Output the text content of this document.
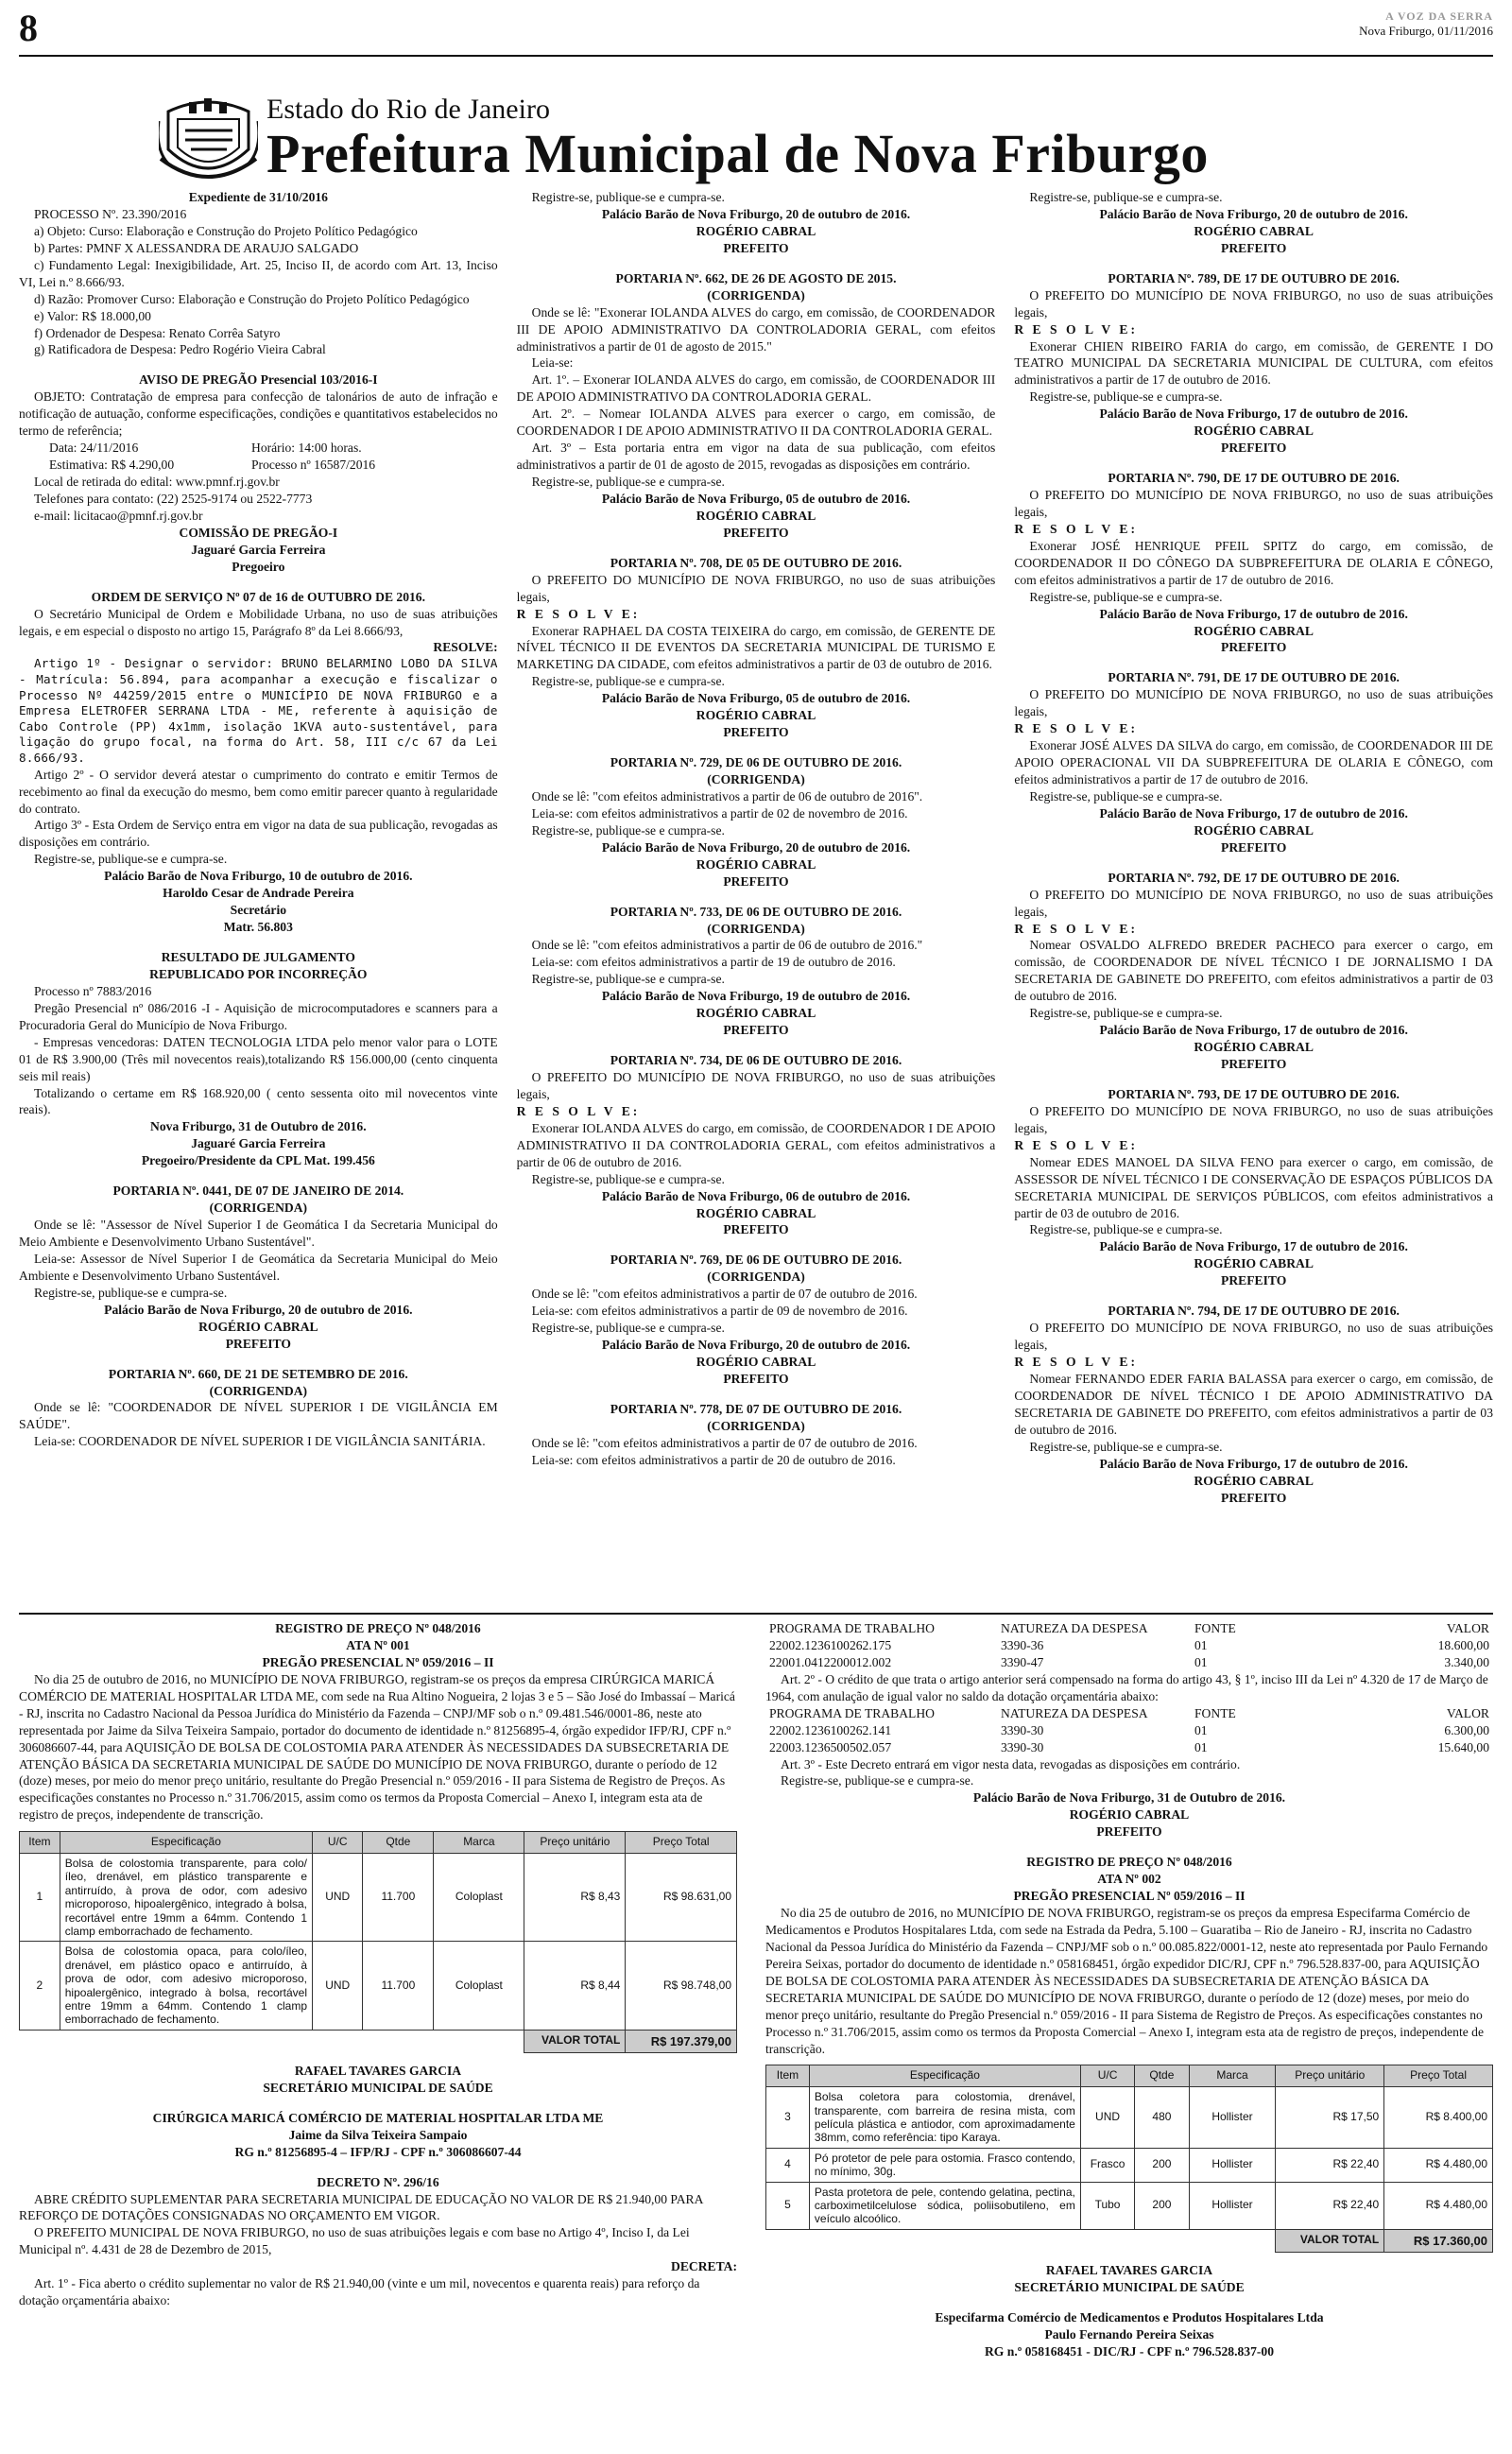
8	A VOZ DA SERRA
Nova Friburgo, 01/11/2016
Estado do Rio de Janeiro
Prefeitura Municipal de Nova Friburgo

Expediente de 31/10/2016

PROCESSO Nº. 23.390/2016

a) Objeto: Curso: Elaboração e Construção do Projeto Político Pedagógico

b) Partes: PMNF X ALESSANDRA DE ARAUJO SALGADO

c) Fundamento Legal: Inexigibilidade, Art. 25, Inciso II, de acordo com Art. 13, Inciso VI, Lei n.º 8.666/93.

d) Razão: Promover Curso: Elaboração e Construção do Projeto Político Pedagógico

e) Valor: R$ 18.000,00

f) Ordenador de Despesa: Renato Corrêa Satyro

g) Ratificadora de Despesa: Pedro Rogério Vieira Cabral

AVISO DE PREGÃO Presencial 103/2016-I

OBJETO: Contratação de empresa para confecção de talonários de auto de infração e notificação de autuação, conforme especificações, condições e quantitativos estabelecidos no termo de referência;

Data: 24/11/2016	Horário: 14:00 horas.

Estimativa: R$ 4.290,00	Processo nº 16587/2016

Local de retirada do edital: www.pmnf.rj.gov.br

Telefones para contato: (22) 2525-9174 ou 2522-7773

e-mail: licitacao@pmnf.rj.gov.br

COMISSÃO DE PREGÃO-I

Jaguaré Garcia Ferreira

Pregoeiro

ORDEM DE SERVIÇO Nº 07 de 16 de OUTUBRO DE 2016.

O Secretário Municipal de Ordem e Mobilidade Urbana, no uso de suas atribuições legais, e em especial o disposto no artigo 15, Parágrafo 8º da Lei 8.666/93,

RESOLVE:

Artigo 1º - Designar o servidor: BRUNO BELARMINO LOBO DA SILVA - Matrícula: 56.894, para acompanhar a execução e fiscalizar o Processo Nº 44259/2015 entre o MUNICÍPIO DE NOVA FRIBURGO e a Empresa ELETROFER SERRANA LTDA - ME, referente à aquisição de Cabo Controle (PP) 4x1mm, isolação 1KVA auto-sustentável, para ligação do grupo focal, na forma do Art. 58, III c/c 67 da Lei 8.666/93.

Artigo 2º - O servidor deverá atestar o cumprimento do contrato e emitir Termos de recebimento ao final da execução do mesmo, bem como emitir parecer quanto à regularidade do contrato.

Artigo 3º - Esta Ordem de Serviço entra em vigor na data de sua publicação, revogadas as disposições em contrário.

Registre-se, publique-se e cumpra-se.

Palácio Barão de Nova Friburgo, 10 de outubro de 2016.

Haroldo Cesar de Andrade Pereira

Secretário

Matr. 56.803

RESULTADO DE JULGAMENTO

REPUBLICADO POR INCORREÇÃO

Processo nº 7883/2016

Pregão Presencial nº 086/2016 -I - Aquisição de microcomputadores e scanners para a Procuradoria Geral do Município de Nova Friburgo.

- Empresas vencedoras: DATEN TECNOLOGIA LTDA pelo menor valor para o LOTE 01 de R$ 3.900,00 (Três mil novecentos reais),totalizando R$ 156.000,00 (cento cinquenta seis mil reais)

Totalizando o certame em R$ 168.920,00 ( cento sessenta oito mil novecentos vinte reais).

Nova Friburgo, 31 de Outubro de 2016.

Jaguaré Garcia Ferreira

Pregoeiro/Presidente da CPL Mat. 199.456

PORTARIA Nº. 0441, DE 07 DE JANEIRO DE 2014.

(CORRIGENDA)

Onde se lê: "Assessor de Nível Superior I de Geomática I da Secretaria Municipal do Meio Ambiente e Desenvolvimento Urbano Sustentável".

Leia-se: Assessor de Nível Superior I de Geomática da Secretaria Municipal do Meio Ambiente e Desenvolvimento Urbano Sustentável.

Registre-se, publique-se e cumpra-se.

Palácio Barão de Nova Friburgo, 20 de outubro de 2016.

ROGÉRIO CABRAL

PREFEITO

PORTARIA Nº. 660, DE 21 DE SETEMBRO DE 2016.

(CORRIGENDA)

Onde se lê: "COORDENADOR DE NÍVEL SUPERIOR I DE VIGILÂNCIA EM SAÚDE".

Leia-se: COORDENADOR DE NÍVEL SUPERIOR I DE VIGILÂNCIA SANITÁRIA.

Registre-se, publique-se e cumpra-se.

Palácio Barão de Nova Friburgo, 20 de outubro de 2016.

ROGÉRIO CABRAL

PREFEITO

PORTARIA Nº. 662, DE 26 DE AGOSTO DE 2015.

(CORRIGENDA)

Onde se lê: "Exonerar IOLANDA ALVES do cargo, em comissão, de COORDENADOR III DE APOIO ADMINISTRATIVO DA CONTROLADORIA GERAL, com efeitos administrativos a partir de 01 de agosto de 2015."

Leia-se:

Art. 1º. – Exonerar IOLANDA ALVES do cargo, em comissão, de COORDENADOR III DE APOIO ADMINISTRATIVO DA CONTROLADORIA GERAL.

Art. 2º. – Nomear IOLANDA ALVES para exercer o cargo, em comissão, de COORDENADOR I DE APOIO ADMINISTRATIVO II DA CONTROLADORIA GERAL.

Art. 3º – Esta portaria entra em vigor na data de sua publicação, com efeitos administrativos a partir de 01 de agosto de 2015, revogadas as disposições em contrário.

Registre-se, publique-se e cumpra-se.

Palácio Barão de Nova Friburgo, 05 de outubro de 2016.

ROGÉRIO CABRAL

PREFEITO

PORTARIA Nº. 708, DE 05 DE OUTUBRO DE 2016.

O PREFEITO DO MUNICÍPIO DE NOVA FRIBURGO, no uso de suas atribuições legais,

R E S O L V E:

Exonerar RAPHAEL DA COSTA TEIXEIRA do cargo, em comissão, de GERENTE DE NÍVEL TÉCNICO II DE EVENTOS DA SECRETARIA MUNICIPAL DE TURISMO E MARKETING DA CIDADE, com efeitos administrativos a partir de 03 de outubro de 2016.

Registre-se, publique-se e cumpra-se.

Palácio Barão de Nova Friburgo, 05 de outubro de 2016.

ROGÉRIO CABRAL

PREFEITO

PORTARIA Nº. 729, DE 06 DE OUTUBRO DE 2016.

(CORRIGENDA)

Onde se lê: "com efeitos administrativos a partir de 06 de outubro de 2016".

Leia-se: com efeitos administrativos a partir de 02 de novembro de 2016.

Registre-se, publique-se e cumpra-se.

Palácio Barão de Nova Friburgo, 20 de outubro de 2016.

ROGÉRIO CABRAL

PREFEITO

PORTARIA Nº. 733, DE 06 DE OUTUBRO DE 2016.

(CORRIGENDA)

Onde se lê: "com efeitos administrativos a partir de 06 de outubro de 2016."

Leia-se: com efeitos administrativos a partir de 19 de outubro de 2016.

Registre-se, publique-se e cumpra-se.

Palácio Barão de Nova Friburgo, 19 de outubro de 2016.

ROGÉRIO CABRAL

PREFEITO

PORTARIA Nº. 734, DE 06 DE OUTUBRO DE 2016.

O PREFEITO DO MUNICÍPIO DE NOVA FRIBURGO, no uso de suas atribuições legais,

R E S O L V E:

Exonerar IOLANDA ALVES do cargo, em comissão, de COORDENADOR I DE APOIO ADMINISTRATIVO II DA CONTROLADORIA GERAL, com efeitos administrativos a partir de 06 de outubro de 2016.

Registre-se, publique-se e cumpra-se.

Palácio Barão de Nova Friburgo, 06 de outubro de 2016.

ROGÉRIO CABRAL

PREFEITO

PORTARIA Nº. 769, DE 06 DE OUTUBRO DE 2016.

(CORRIGENDA)

Onde se lê: "com efeitos administrativos a partir de 07 de outubro de 2016.

Leia-se: com efeitos administrativos a partir de 09 de novembro de 2016.

Registre-se, publique-se e cumpra-se.

Palácio Barão de Nova Friburgo, 20 de outubro de 2016.

ROGÉRIO CABRAL

PREFEITO

PORTARIA Nº. 778, DE 07 DE OUTUBRO DE 2016.

(CORRIGENDA)

Onde se lê: "com efeitos administrativos a partir de 07 de outubro de 2016.

Leia-se: com efeitos administrativos a partir de 20 de outubro de 2016.

Registre-se, publique-se e cumpra-se.

Palácio Barão de Nova Friburgo, 20 de outubro de 2016.

ROGÉRIO CABRAL

PREFEITO

PORTARIA Nº. 789, DE 17 DE OUTUBRO DE 2016.

O PREFEITO DO MUNICÍPIO DE NOVA FRIBURGO, no uso de suas atribuições legais,

R E S O L V E:

Exonerar CHIEN RIBEIRO FARIA do cargo, em comissão, de GERENTE I DO TEATRO MUNICIPAL DA SECRETARIA MUNICIPAL DE CULTURA, com efeitos administrativos a partir de 17 de outubro de 2016.

Registre-se, publique-se e cumpra-se.

Palácio Barão de Nova Friburgo, 17 de outubro de 2016.

ROGÉRIO CABRAL

PREFEITO

PORTARIA Nº. 790, DE 17 DE OUTUBRO DE 2016.

O PREFEITO DO MUNICÍPIO DE NOVA FRIBURGO, no uso de suas atribuições legais,

R E S O L V E:

Exonerar JOSÉ HENRIQUE PFEIL SPITZ do cargo, em comissão, de COORDENADOR II DO CÔNEGO DA SUBPREFEITURA DE OLARIA E CÔNEGO, com efeitos administrativos a partir de 17 de outubro de 2016.

Registre-se, publique-se e cumpra-se.

Palácio Barão de Nova Friburgo, 17 de outubro de 2016.

ROGÉRIO CABRAL

PREFEITO

PORTARIA Nº. 791, DE 17 DE OUTUBRO DE 2016.

O PREFEITO DO MUNICÍPIO DE NOVA FRIBURGO, no uso de suas atribuições legais,

R E S O L V E:

Exonerar JOSÉ ALVES DA SILVA do cargo, em comissão, de COORDENADOR III DE APOIO OPERACIONAL VII DA SUBPREFEITURA DE OLARIA E CÔNEGO, com efeitos administrativos a partir de 17 de outubro de 2016.

Registre-se, publique-se e cumpra-se.

Palácio Barão de Nova Friburgo, 17 de outubro de 2016.

ROGÉRIO CABRAL

PREFEITO

PORTARIA Nº. 792, DE 17 DE OUTUBRO DE 2016.

O PREFEITO DO MUNICÍPIO DE NOVA FRIBURGO, no uso de suas atribuições legais,

R E S O L V E:

Nomear OSVALDO ALFREDO BREDER PACHECO para exercer o cargo, em comissão, de COORDENADOR DE NÍVEL TÉCNICO I DE JORNALISMO I DA SECRETARIA DE GABINETE DO PREFEITO, com efeitos administrativos a partir de 03 de outubro de 2016.

Registre-se, publique-se e cumpra-se.

Palácio Barão de Nova Friburgo, 17 de outubro de 2016.

ROGÉRIO CABRAL

PREFEITO

PORTARIA Nº. 793, DE 17 DE OUTUBRO DE 2016.

O PREFEITO DO MUNICÍPIO DE NOVA FRIBURGO, no uso de suas atribuições legais,

R E S O L V E:

Nomear EDES MANOEL DA SILVA FENO para exercer o cargo, em comissão, de ASSESSOR DE NÍVEL TÉCNICO I DE CONSERVAÇÃO DE ESPAÇOS PÚBLICOS DA SECRETARIA MUNICIPAL DE SERVIÇOS PÚBLICOS, com efeitos administrativos a partir de 03 de outubro de 2016.

Registre-se, publique-se e cumpra-se.

Palácio Barão de Nova Friburgo, 17 de outubro de 2016.

ROGÉRIO CABRAL

PREFEITO

PORTARIA Nº. 794, DE 17 DE OUTUBRO DE 2016.

O PREFEITO DO MUNICÍPIO DE NOVA FRIBURGO, no uso de suas atribuições legais,

R E S O L V E:

Nomear FERNANDO EDER FARIA BALASSA para exercer o cargo, em comissão, de COORDENADOR DE NÍVEL TÉCNICO I DE APOIO ADMINISTRATIVO DA SECRETARIA DE GABINETE DO PREFEITO, com efeitos administrativos a partir de 03 de outubro de 2016.

Registre-se, publique-se e cumpra-se.

Palácio Barão de Nova Friburgo, 17 de outubro de 2016.

ROGÉRIO CABRAL

PREFEITO

REGISTRO DE PREÇO Nº 048/2016

ATA Nº 001

PREGÃO PRESENCIAL Nº 059/2016 – II

No dia 25 de outubro de 2016, no MUNICÍPIO DE NOVA FRIBURGO, registram-se os preços da empresa CIRÚRGICA MARICÁ COMÉRCIO DE MATERIAL HOSPITALAR LTDA ME, com sede na Rua Altino Nogueira, 2 lojas 3 e 5 – São José do Imbassaí – Maricá - RJ, inscrita no Cadastro Nacional da Pessoa Jurídica do Ministério da Fazenda – CNPJ/MF sob o n.º 09.481.546/0001-86, neste ato representada por Jaime da Silva Teixeira Sampaio, portador do documento de identidade n.º 81256895-4, órgão expedidor IFP/RJ, CPF n.º 306086607-44, para AQUISIÇÃO DE BOLSA DE COLOSTOMIA PARA ATENDER ÀS NECESSIDADES DA SUBSECRETARIA DE ATENÇÃO BÁSICA DA SECRETARIA MUNICIPAL DE SAÚDE DO MUNICÍPIO DE NOVA FRIBURGO, durante o período de 12 (doze) meses, por meio do menor preço unitário, resultante do Pregão Presencial n.º 059/2016 - II para Sistema de Registro de Preços. As especificações constantes no Processo n.º 31.706/2015, assim como os termos da Proposta Comercial – Anexo I, integram esta ata de registro de preços, independente de transcrição.

Item	Especificação	U/C	Qtde	Marca	Preço unitário	Preço Total
1	Bolsa de colostomia transparente, para colo/íleo, drenável, em plástico transparente e antirruído, à prova de odor, com adesivo microporoso, hipoalergênico, integrado à bolsa, recortável entre 19mm a 64mm. Contendo 1 clamp emborrachado de fechamento.	UND	11.700	Coloplast	R$ 8,43	R$ 98.631,00
2	Bolsa de colostomia opaca, para colo/íleo, drenável, em plástico opaco e antirruído, à prova de odor, com adesivo microporoso, hipoalergênico, integrado à bolsa, recortável entre 19mm a 64mm. Contendo 1 clamp emborrachado de fechamento.	UND	11.700	Coloplast	R$ 8,44	R$ 98.748,00
					VALOR TOTAL	R$ 197.379,00

RAFAEL TAVARES GARCIA

SECRETÁRIO MUNICIPAL DE SAÚDE

CIRÚRGICA MARICÁ COMÉRCIO DE MATERIAL HOSPITALAR LTDA ME

Jaime da Silva Teixeira Sampaio

RG n.º 81256895-4 – IFP/RJ - CPF n.º 306086607-44

DECRETO Nº. 296/16

ABRE CRÉDITO SUPLEMENTAR PARA SECRETARIA MUNICIPAL DE EDUCAÇÃO NO VALOR DE R$ 21.940,00 PARA REFORÇO DE DOTAÇÕES CONSIGNADAS NO ORÇAMENTO EM VIGOR.

O PREFEITO MUNICIPAL DE NOVA FRIBURGO, no uso de suas atribuições legais e com base no Artigo 4º, Inciso I, da Lei Municipal nº. 4.431 de 28 de Dezembro de 2015,

DECRETA:

Art. 1º - Fica aberto o crédito suplementar no valor de R$ 21.940,00 (vinte e um mil, novecentos e quarenta reais) para reforço da dotação orçamentária abaixo:

PROGRAMA DE TRABALHO	NATUREZA DA DESPESA	FONTE	VALOR
22002.1236100262.175	3390-36	01	18.600,00
22001.0412200012.002	3390-47	01	3.340,00

Art. 2º - O crédito de que trata o artigo anterior será compensado na forma do artigo 43, § 1º, inciso III da Lei nº 4.320 de 17 de Março de 1964, com anulação de igual valor no saldo da dotação orçamentária abaixo:

PROGRAMA DE TRABALHO	NATUREZA DA DESPESA	FONTE	VALOR
22002.1236100262.141	3390-30	01	6.300,00
22003.1236500502.057	3390-30	01	15.640,00

Art. 3º - Este Decreto entrará em vigor nesta data, revogadas as disposições em contrário.

Registre-se, publique-se e cumpra-se.

Palácio Barão de Nova Friburgo, 31 de Outubro de 2016.

ROGÉRIO CABRAL

PREFEITO

REGISTRO DE PREÇO Nº 048/2016

ATA Nº 002

PREGÃO PRESENCIAL Nº 059/2016 – II

No dia 25 de outubro de 2016, no MUNICÍPIO DE NOVA FRIBURGO, registram-se os preços da empresa Especifarma Comércio de Medicamentos e Produtos Hospitalares Ltda, com sede na Estrada da Pedra, 5.100 – Guaratiba – Rio de Janeiro - RJ, inscrita no Cadastro Nacional da Pessoa Jurídica do Ministério da Fazenda – CNPJ/MF sob o n.º 00.085.822/0001-12, neste ato representada por Paulo Fernando Pereira Seixas, portador do documento de identidade n.º 058168451, órgão expedidor DIC/RJ, CPF n.º 796.528.837-00, para AQUISIÇÃO DE BOLSA DE COLOSTOMIA PARA ATENDER ÀS NECESSIDADES DA SUBSECRETARIA DE ATENÇÃO BÁSICA DA SECRETARIA MUNICIPAL DE SAÚDE DO MUNICÍPIO DE NOVA FRIBURGO, durante o período de 12 (doze) meses, por meio do menor preço unitário, resultante do Pregão Presencial n.º 059/2016 - II para Sistema de Registro de Preços. As especificações constantes no Processo n.º 31.706/2015, assim como os termos da Proposta Comercial – Anexo I, integram esta ata de registro de preços, independente de transcrição.

Item	Especificação	U/C	Qtde	Marca	Preço unitário	Preço Total
3	Bolsa coletora para colostomia, drenável, transparente, com barreira de resina mista, com película plástica e antiodor, com aproximadamente 38mm, como referência: tipo Karaya.	UND	480	Hollister	R$ 17,50	R$ 8.400,00
4	Pó protetor de pele para ostomia. Frasco contendo, no mínimo, 30g.	Frasco	200	Hollister	R$ 22,40	R$ 4.480,00
5	Pasta protetora de pele, contendo gelatina, pectina, carboximetilcelulose sódica, poliisobutileno, em veículo alcoólico.	Tubo	200	Hollister	R$ 22,40	R$ 4.480,00
					VALOR TOTAL	R$ 17.360,00

RAFAEL TAVARES GARCIA

SECRETÁRIO MUNICIPAL DE SAÚDE

Especifarma Comércio de Medicamentos e Produtos Hospitalares Ltda

Paulo Fernando Pereira Seixas

RG n.º 058168451 - DIC/RJ - CPF n.º 796.528.837-00
